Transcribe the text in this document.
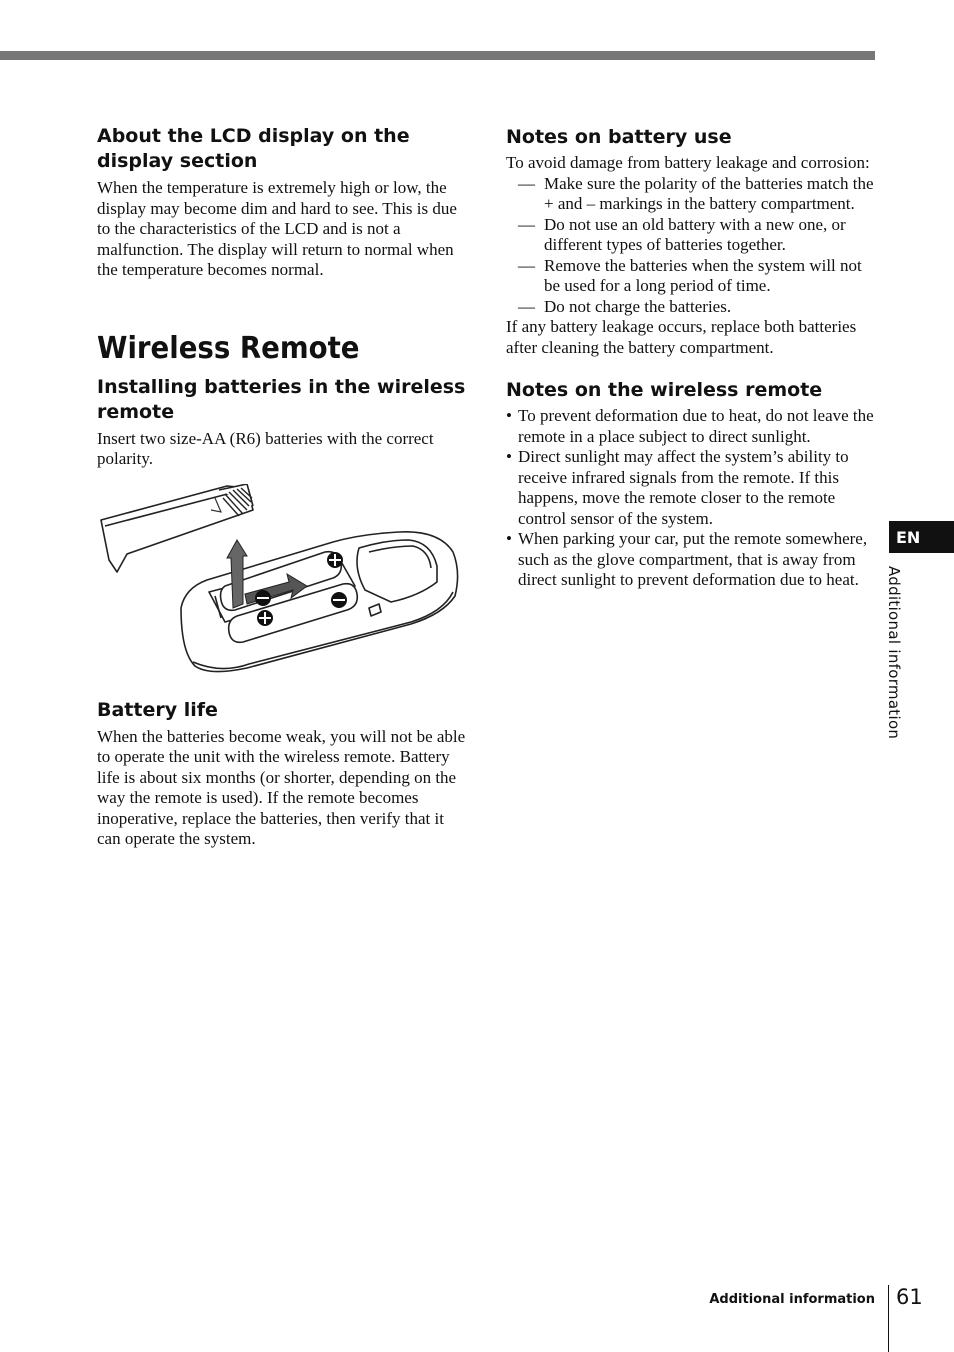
About the LCD display on the display section

When the temperature is extremely high or low, the display may become dim and hard to see. This is due to the characteristics of the LCD and is not a malfunction. The display will return to normal when the temperature becomes normal.

Wireless Remote
Installing batteries in the wireless remote

Insert two size-AA (R6) batteries with the correct polarity.

Battery life

When the batteries become weak, you will not be able to operate the unit with the wireless remote. Battery life is about six months (or shorter, depending on the way the remote is used). If the remote becomes inoperative, replace the batteries, then verify that it can operate the system.

Notes on battery use

To avoid damage from battery leakage and corrosion:

— Make sure the polarity of the batteries match the + and – markings in the battery compartment.
— Do not use an old battery with a new one, or different types of batteries together.
— Remove the batteries when the system will not be used for a long period of time.
— Do not charge the batteries.

If any battery leakage occurs, replace both batteries after cleaning the battery compartment.

Notes on the wireless remote
• To prevent deformation due to heat, do not leave the remote in a place subject to direct sunlight.
• Direct sunlight may affect the system’s ability to receive infrared signals from the remote. If this happens, move the remote closer to the remote control sensor of the system.
• When parking your car, put the remote somewhere, such as the glove compartment, that is away from direct sunlight to prevent deformation due to heat.
EN
Additional information
Additional information 61
